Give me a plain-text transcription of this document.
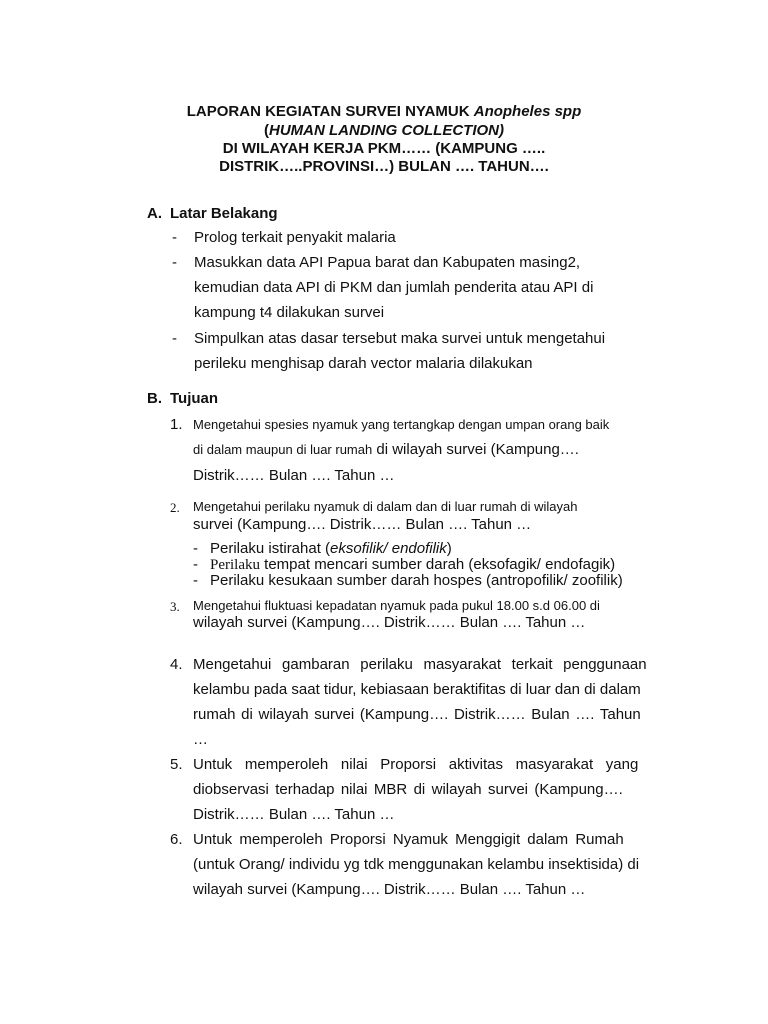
LAPORAN KEGIATAN SURVEI NYAMUK Anopheles spp
(HUMAN LANDING COLLECTION)
DI WILAYAH KERJA PKM…… (KAMPUNG …..
DISTRIK…..PROVINSI…) BULAN …. TAHUN….
A. Latar Belakang
- Prolog terkait penyakit malaria
- Masukkan data API Papua barat dan Kabupaten masing2,
kemudian data API di PKM dan jumlah penderita atau API di
kampung t4 dilakukan survei
- Simpulkan atas dasar tersebut maka survei untuk mengetahui
perileku menghisap darah vector malaria dilakukan
B. Tujuan
1. Mengetahui spesies nyamuk yang tertangkap dengan umpan orang baik
di dalam maupun di luar rumah di wilayah survei (Kampung….
Distrik…… Bulan …. Tahun …
2. Mengetahui perilaku nyamuk di dalam dan di luar rumah di wilayah
survei (Kampung…. Distrik…… Bulan …. Tahun …
- Perilaku istirahat (eksofilik/ endofilik)
- Perilaku tempat mencari sumber darah (eksofagik/ endofagik)
- Perilaku kesukaan sumber darah hospes (antropofilik/ zoofilik)
3. Mengetahui fluktuasi kepadatan nyamuk pada pukul 18.00 s.d 06.00 di
wilayah survei (Kampung…. Distrik…… Bulan …. Tahun …
4. Mengetahui gambaran perilaku masyarakat terkait penggunaan
kelambu pada saat tidur, kebiasaan beraktifitas di luar dan di dalam
rumah di wilayah survei (Kampung…. Distrik…… Bulan …. Tahun
…
5. Untuk memperoleh nilai Proporsi aktivitas masyarakat yang
diobservasi terhadap nilai MBR di wilayah survei (Kampung….
Distrik…… Bulan …. Tahun …
6. Untuk memperoleh Proporsi Nyamuk Menggigit dalam Rumah
(untuk Orang/ individu yg tdk menggunakan kelambu insektisida) di
wilayah survei (Kampung…. Distrik…… Bulan …. Tahun …
